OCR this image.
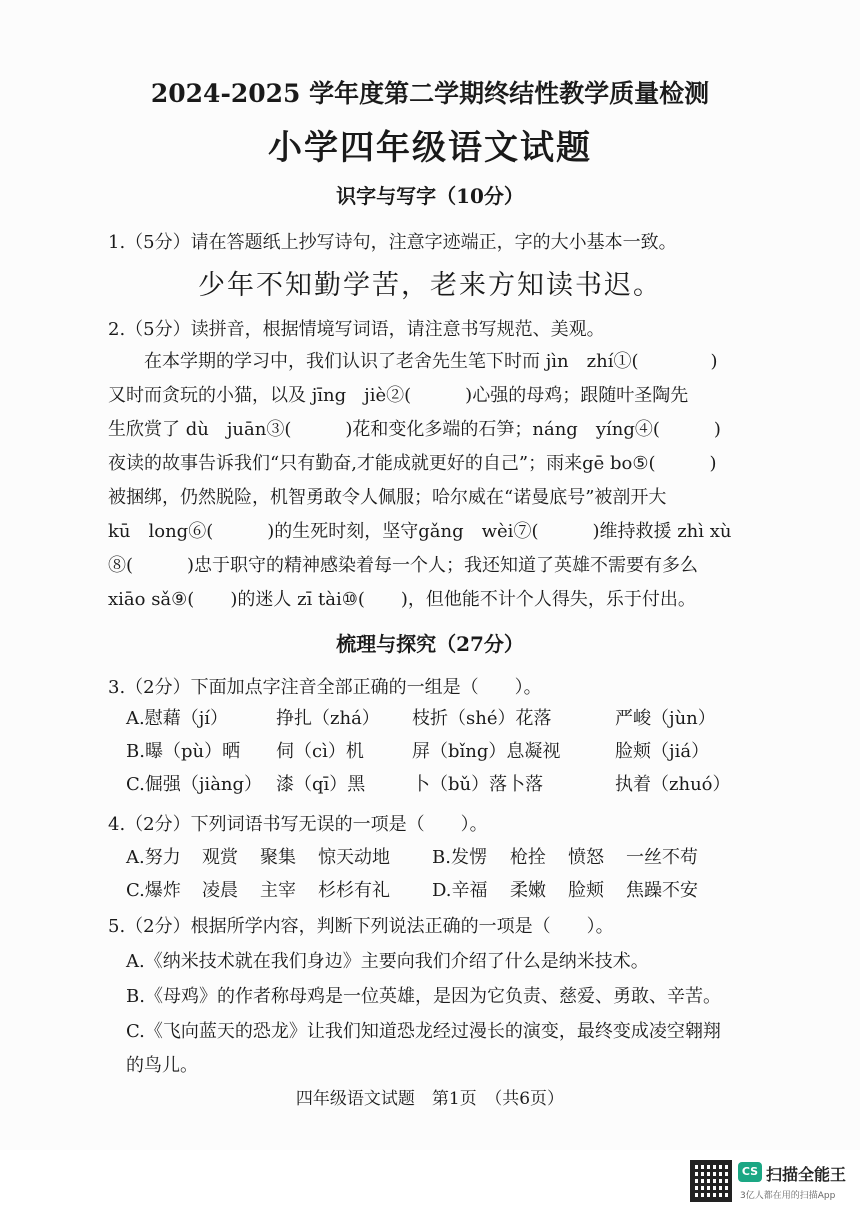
2024-2025 学年度第二学期终结性教学质量检测
小学四年级语文试题
识字与写字（10分）
1.（5分）请在答题纸上抄写诗句，注意字迹端正，字的大小基本一致。
少年不知勤学苦，老来方知读书迟。
2.（5分）读拼音，根据情境写词语，请注意书写规范、美观。
　　在本学期的学习中，我们认识了老舍先生笔下时而 jìn　zhí①(　　　　)
又时而贪玩的小猫，以及 jīng　jiè②(　　　)心强的母鸡；跟随叶圣陶先
生欣赏了 dù　juān③(　　　)花和变化多端的石笋；náng　yíng④(　　　)
夜读的故事告诉我们“只有勤奋,才能成就更好的自己”；雨来gē bo⑤(　　　)
被捆绑，仍然脱险，机智勇敢令人佩服；哈尔威在“诺曼底号”被剖开大
kū　long⑥(　　　)的生死时刻，坚守gǎng　wèi⑦(　　　)维持救援 zhì xù
⑧(　　　)忠于职守的精神感染着每一个人；我还知道了英雄不需要有多么
xiāo sǎ⑨(　　)的迷人 zī tài⑩(　　)，但他能不计个人得失，乐于付出。
梳理与探究（27分）
3.（2分）下面加点字注音全部正确的一组是（　　）。
A.慰藉（jí）	挣扎（zhá） 枝折（shé）花落	严峻（jùn）
B.曝（pù）晒 伺（cì）机	屏（bǐng）息凝视	脸颊（jiá）
C.倔强（jiàng） 漆（qī）黑	卜（bǔ）落卜落	执着（zhuó）
4.（2分）下列词语书写无误的一项是（　　）。
A.努力 观赏 聚集 惊天动地 B.发愣 枪拴 愤怒 一丝不苟
C.爆炸 凌晨 主宰 杉杉有礼 D.辛福 柔嫩 脸颊 焦躁不安
5.（2分）根据所学内容，判断下列说法正确的一项是（　　）。
A.《纳米技术就在我们身边》主要向我们介绍了什么是纳米技术。
B.《母鸡》的作者称母鸡是一位英雄，是因为它负责、慈爱、勇敢、辛苦。
C.《飞向蓝天的恐龙》让我们知道恐龙经过漫长的演变，最终变成凌空翱翔
的鸟儿。
四年级语文试题　第1页　（共6页）
CS 扫描全能王
3亿人都在用的扫描App
